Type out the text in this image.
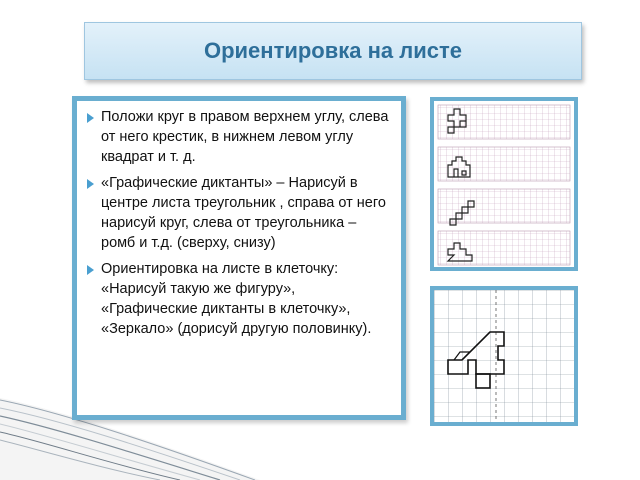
Ориентировка на листе
Положи круг в правом верхнем углу, слева от него крестик, в нижнем левом углу квадрат и т. д.
«Графические диктанты» – Нарисуй в центре листа треугольник , справа от него нарисуй круг, слева от треугольника – ромб и т.д. (сверху, снизу)
Ориентировка на листе в клеточку: «Нарисуй такую же фигуру», «Графические диктанты в клеточку», «Зеркало» (дорисуй другую половинку).
